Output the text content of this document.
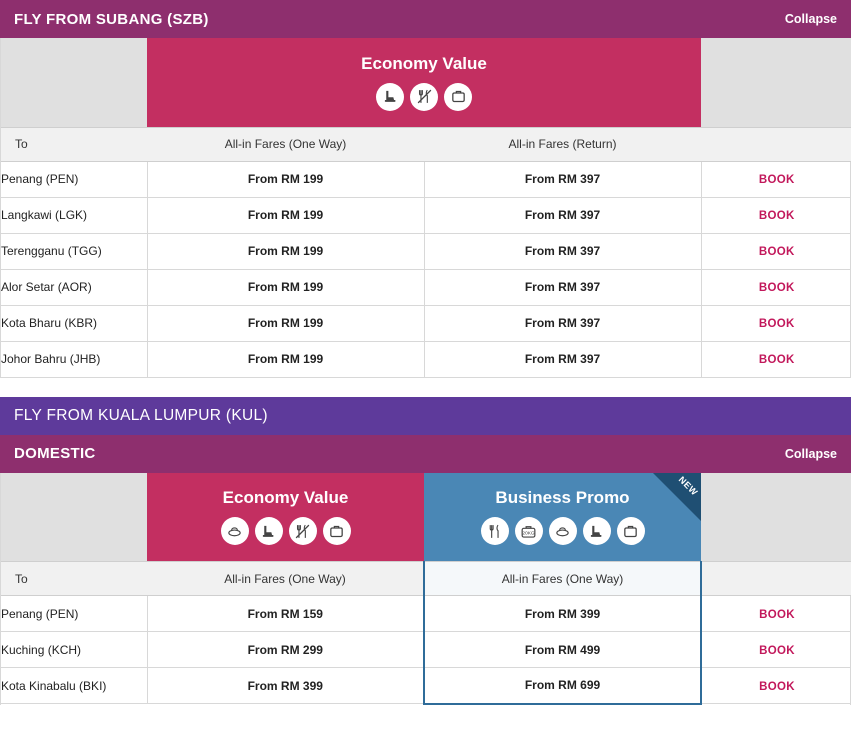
FLY FROM SUBANG (SZB)	Collapse

	Economy Value		

To	All-in Fares (One Way)	All-in Fares (Return)	
Penang (PEN)	From RM 199	From RM 397	BOOK
Langkawi (LGK)	From RM 199	From RM 397	BOOK
Terengganu (TGG)	From RM 199	From RM 397	BOOK
Alor Setar (AOR)	From RM 199	From RM 397	BOOK
Kota Bharu (KBR)	From RM 199	From RM 397	BOOK
Johor Bahru (JHB)	From RM 199	From RM 397	BOOK
FLY FROM KUALA LUMPUR (KUL)
DOMESTIC	Collapse

	Economy Value	NEW
Business Promo
20KG	

To	All-in Fares (One Way)	All-in Fares (One Way)	
Penang (PEN)	From RM 159	From RM 399	BOOK
Kuching (KCH)	From RM 299	From RM 499	BOOK
Kota Kinabalu (BKI)	From RM 399	From RM 699	BOOK
